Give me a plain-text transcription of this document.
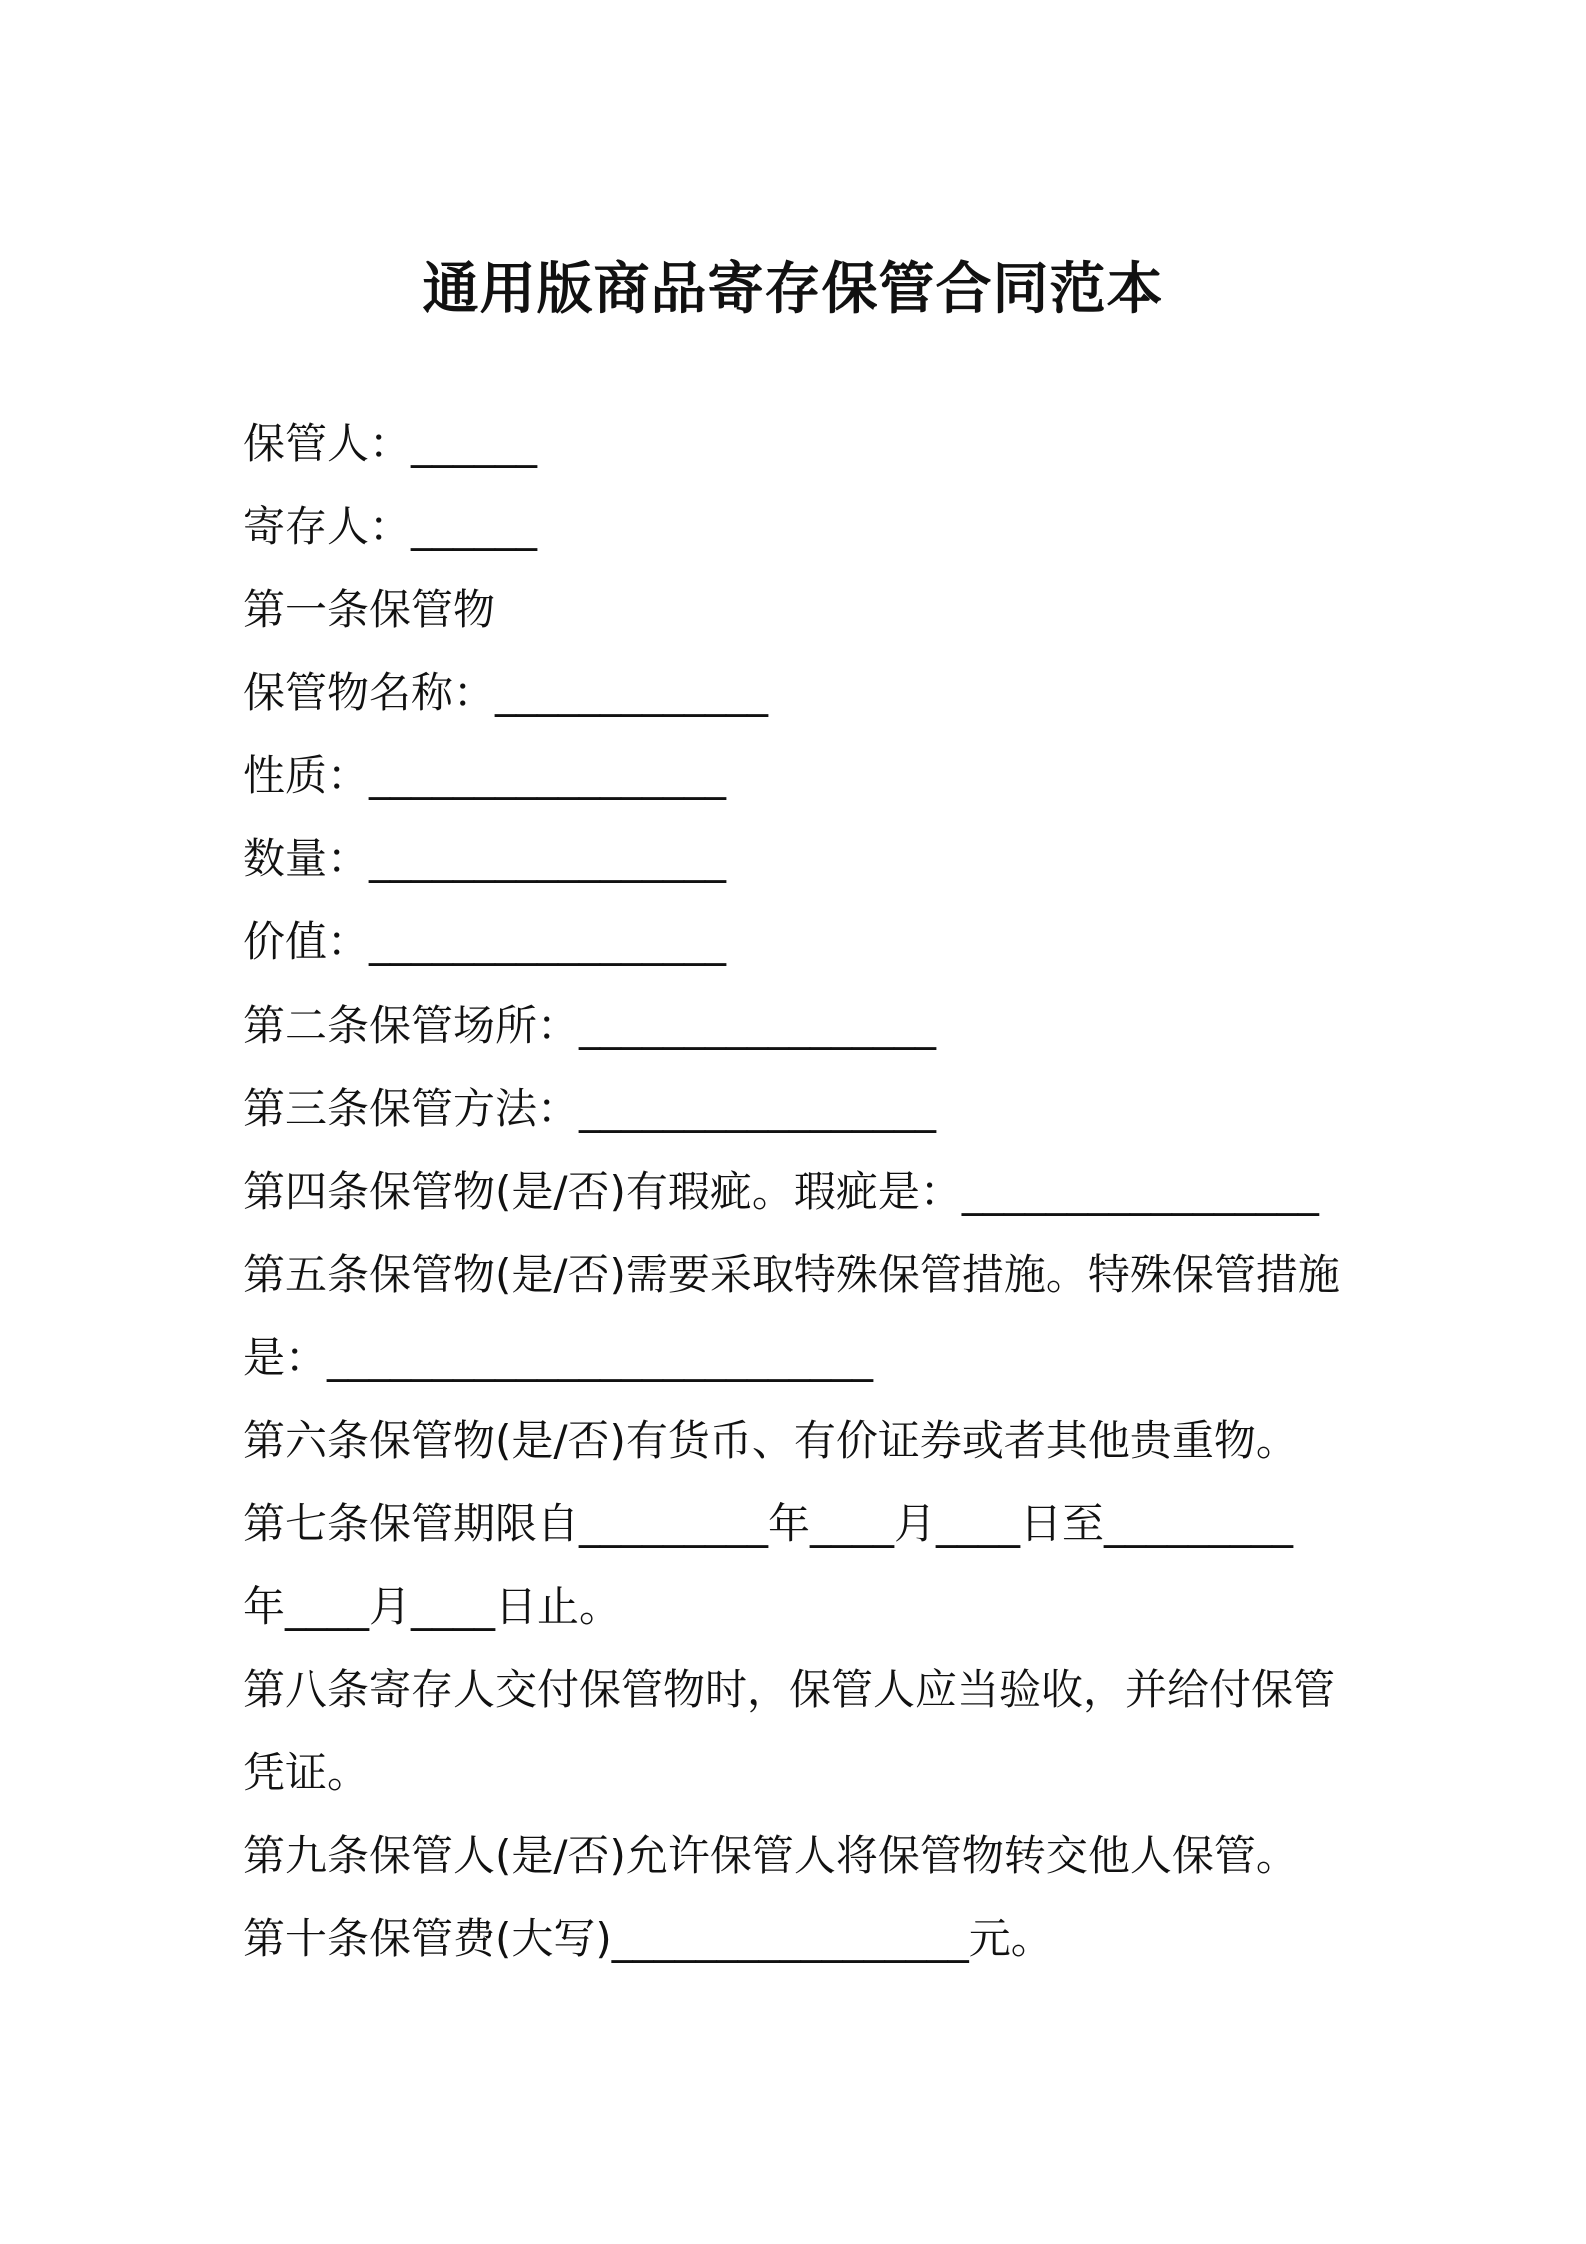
通用版商品寄存保管合同范本
保管人：______
寄存人：______
第一条保管物
保管物名称：_____________
性质：_________________
数量：_________________
价值：_________________
第二条保管场所：_________________
第三条保管方法：_________________
第四条保管物(是/否)有瑕疵。瑕疵是：_________________
第五条保管物(是/否)需要采取特殊保管措施。特殊保管措施
是：__________________________
第六条保管物(是/否)有货币、有价证券或者其他贵重物。
第七条保管期限自_________年____月____日至_________
年____月____日止。
第八条寄存人交付保管物时，保管人应当验收，并给付保管
凭证。
第九条保管人(是/否)允许保管人将保管物转交他人保管。
第十条保管费(大写)_________________元。
